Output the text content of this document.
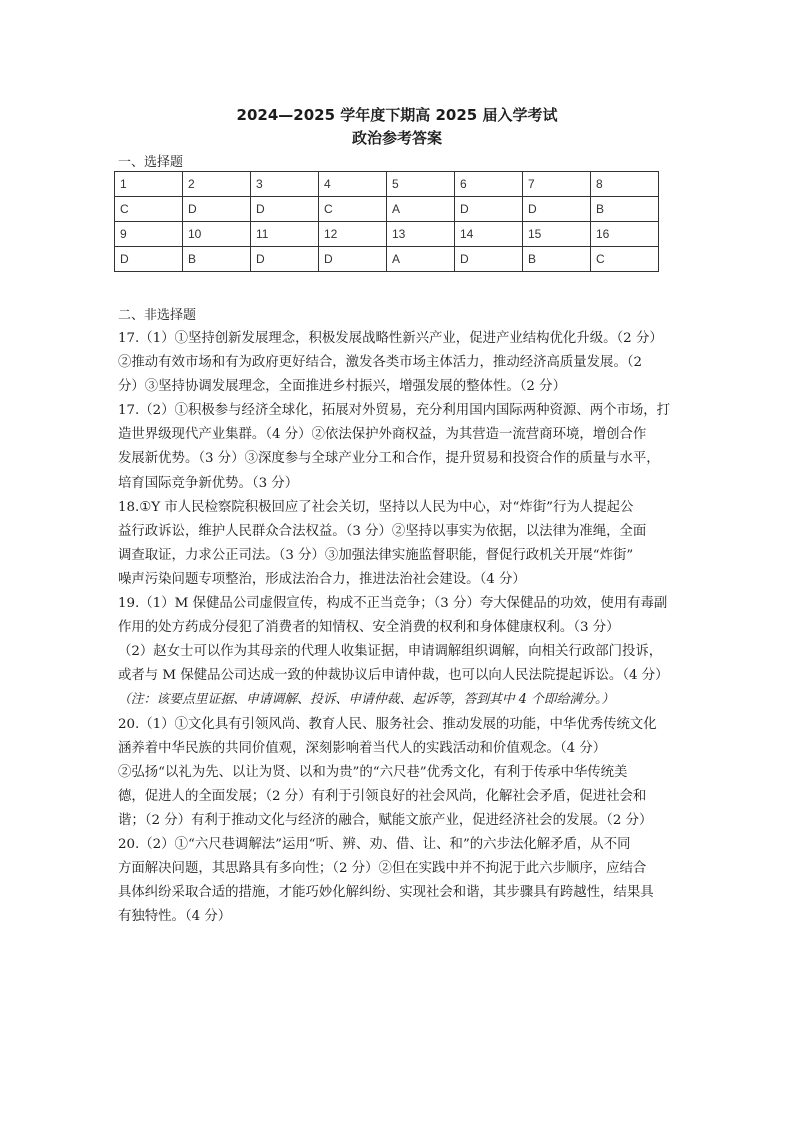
2024—2025 学年度下期高 2025 届入学考试
政治参考答案
一、选择题
1	2	3	4	5	6	7	8
C	D	D	C	A	D	D	B
9	10	11	12	13	14	15	16
D	B	D	D	A	D	B	C
二、非选择题
17.（1）①坚持创新发展理念，积极发展战略性新兴产业，促进产业结构优化升级。（2 分）
②推动有效市场和有为政府更好结合，激发各类市场主体活力，推动经济高质量发展。（2
分）③坚持协调发展理念，全面推进乡村振兴，增强发展的整体性。（2 分）
17.（2）①积极参与经济全球化，拓展对外贸易，充分利用国内国际两种资源、两个市场，打
造世界级现代产业集群。（4 分）②依法保护外商权益，为其营造一流营商环境，增创合作
发展新优势。（3 分）③深度参与全球产业分工和合作，提升贸易和投资合作的质量与水平，
培育国际竞争新优势。（3 分）
18.①Y 市人民检察院积极回应了社会关切，坚持以人民为中心，对“炸街”行为人提起公
益行政诉讼，维护人民群众合法权益。（3 分）②坚持以事实为依据，以法律为准绳，全面
调查取证，力求公正司法。（3 分）③加强法律实施监督职能，督促行政机关开展“炸街”
噪声污染问题专项整治，形成法治合力，推进法治社会建设。（4 分）
19.（1）M 保健品公司虚假宣传，构成不正当竞争；（3 分）夸大保健品的功效，使用有毒副
作用的处方药成分侵犯了消费者的知情权、安全消费的权利和身体健康权利。（3 分）
（2）赵女士可以作为其母亲的代理人收集证据，申请调解组织调解，向相关行政部门投诉，
或者与 M 保健品公司达成一致的仲裁协议后申请仲裁，也可以向人民法院提起诉讼。（4 分）
（注：该要点里证据、申请调解、投诉、申请仲裁、起诉等，答到其中 4 个即给满分。）
20.（1）①文化具有引领风尚、教育人民、服务社会、推动发展的功能，中华优秀传统文化
涵养着中华民族的共同价值观，深刻影响着当代人的实践活动和价值观念。（4 分）
②弘扬“以礼为先、以让为贤、以和为贵”的“六尺巷”优秀文化，有利于传承中华传统美
德，促进人的全面发展；（2 分）有利于引领良好的社会风尚，化解社会矛盾，促进社会和
谐；（2 分）有利于推动文化与经济的融合，赋能文旅产业，促进经济社会的发展。（2 分）
20.（2）①“六尺巷调解法”运用“听、辨、劝、借、让、和”的六步法化解矛盾，从不同
方面解决问题，其思路具有多向性；（2 分）②但在实践中并不拘泥于此六步顺序，应结合
具体纠纷采取合适的措施，才能巧妙化解纠纷、实现社会和谐，其步骤具有跨越性，结果具
有独特性。（4 分）
